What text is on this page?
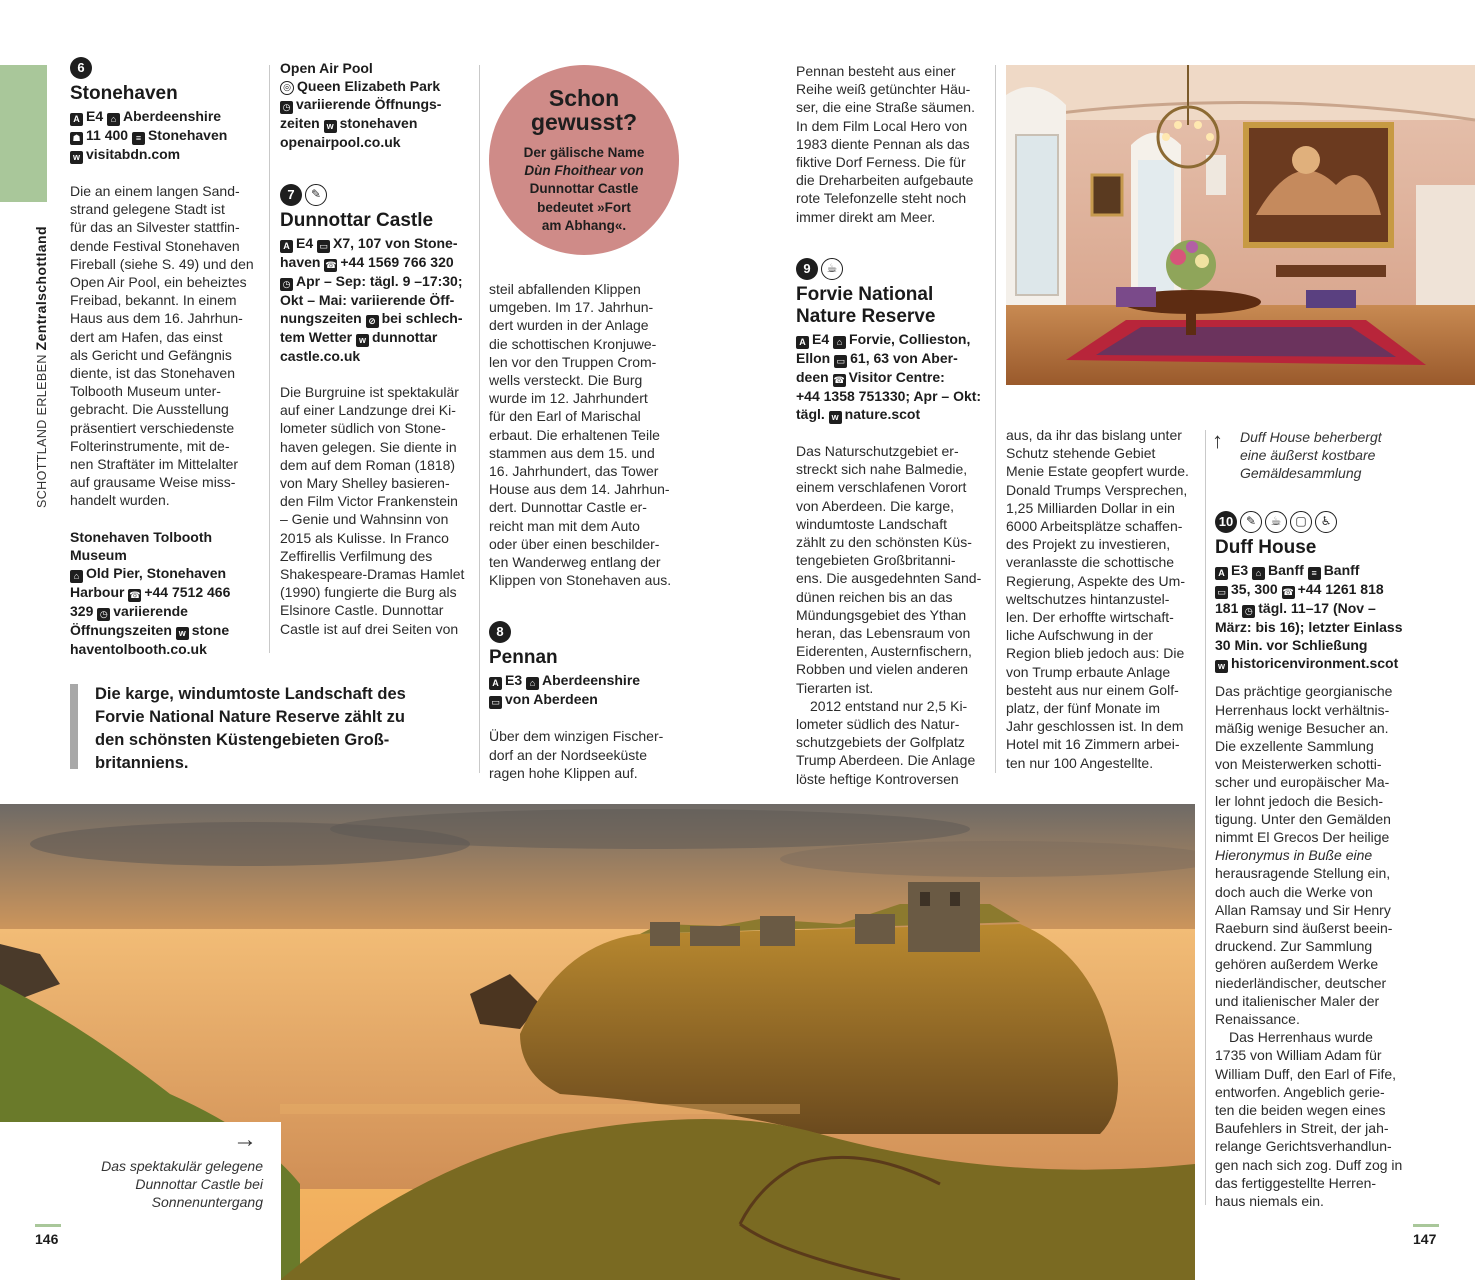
SCHOTTLAND ERLEBEN Zentralschottland
6
Stonehaven
A E4 ⌂ Aberdeenshire
☗ 11 400 ≡ Stonehaven
w visitabdn.com

Die an einem langen Sand-

strand gelegene Stadt ist

für das an Silvester stattfin-

dende Festival Stonehaven

Fireball (siehe S. 49) und den

Open Air Pool, ein beheiztes

Freibad, bekannt. In einem

Haus aus dem 16. Jahrhun-

dert am Hafen, das einst

als Gericht und Gefängnis

diente, ist das Stonehaven

Tolbooth Museum unter-

gebracht. Die Ausstellung

präsentiert verschiedenste

Folterinstrumente, mit de-

nen Straftäter im Mittelalter

auf grausame Weise miss-

handelt wurden.

Stonehaven Tolbooth

Museum

⌂ Old Pier, Stonehaven
Harbour ☎ +44 7512 466
329 ◷ variierende
Öffnungszeiten w stone
haventolbooth.co.uk

Open Air Pool

◎ Queen Elizabeth Park
◷ variierende Öffnungs-
zeiten w stonehaven
openairpool.co.uk
7 ✎
Dunnottar Castle
A E4 ▭ X7, 107 von Stone-
haven ☎ +44 1569 766 320
◷ Apr – Sep: tägl. 9 –17:30;
Okt – Mai: variierende Öff-
nungszeiten ⊘ bei schlech-
tem Wetter w dunnottar
castle.co.uk

Die Burgruine ist spektakulär

auf einer Landzunge drei Ki-

lometer südlich von Stone-

haven gelegen. Sie diente in

dem auf dem Roman (1818)

von Mary Shelley basieren-

den Film Victor Frankenstein

– Genie und Wahnsinn von

2015 als Kulisse. In Franco

Zeffirellis Verfilmung des

Shakespeare-Dramas Hamlet

(1990) fungierte die Burg als

Elsinore Castle. Dunnottar

Castle ist auf drei Seiten von

Schon
gewusst?
Der gälische Name
Dùn Fhoithear von
Dunnottar Castle
bedeutet »Fort
am Abhang«.

steil abfallenden Klippen

umgeben. Im 17. Jahrhun-

dert wurden in der Anlage

die schottischen Kronjuwe-

len vor den Truppen Crom-

wells versteckt. Die Burg

wurde im 12. Jahrhundert

für den Earl of Marischal

erbaut. Die erhaltenen Teile

stammen aus dem 15. und

16. Jahrhundert, das Tower

House aus dem 14. Jahrhun-

dert. Dunnottar Castle er-

reicht man mit dem Auto

oder über einen beschilder-

ten Wanderweg entlang der

Klippen von Stonehaven aus.

8
Pennan
A E3 ⌂ Aberdeenshire
▭ von Aberdeen

Über dem winzigen Fischer-

dorf an der Nordseeküste

ragen hohe Klippen auf.

Die karge, windumtoste Landschaft des Forvie National Nature Reserve zählt zu den schönsten Küstengebieten Groß-britanniens.

Pennan besteht aus einer

Reihe weiß getünchter Häu-

ser, die eine Straße säumen.

In dem Film Local Hero von

1983 diente Pennan als das

fiktive Dorf Ferness. Die für

die Dreharbeiten aufgebaute

rote Telefonzelle steht noch

immer direkt am Meer.

9 ☕
Forvie National
Nature Reserve
A E4 ⌂ Forvie, Collieston,
Ellon ▭ 61, 63 von Aber-
deen ☎ Visitor Centre:
+44 1358 751330; Apr – Okt:
tägl. w nature.scot

Das Naturschutzgebiet er-

streckt sich nahe Balmedie,

einem verschlafenen Vorort

von Aberdeen. Die karge,

windumtoste Landschaft

zählt zu den schönsten Küs-

tengebieten Großbritanni-

ens. Die ausgedehnten Sand-

dünen reichen bis an das

Mündungsgebiet des Ythan

heran, das Lebensraum von

Eiderenten, Austernfischern,

Robben und vielen anderen

Tierarten ist.

2012 entstand nur 2,5 Ki-

lometer südlich des Natur-

schutzgebiets der Golfplatz

Trump Aberdeen. Die Anlage

löste heftige Kontroversen

aus, da ihr das bislang unter

Schutz stehende Gebiet

Menie Estate geopfert wurde.

Donald Trumps Versprechen,

1,25 Milliarden Dollar in ein

6000 Arbeitsplätze schaffen-

des Projekt zu investieren,

veranlasste die schottische

Regierung, Aspekte des Um-

weltschutzes hintanzustel-

len. Der erhoffte wirtschaft-

liche Aufschwung in der

Region blieb jedoch aus: Die

von Trump erbaute Anlage

besteht aus nur einem Golf-

platz, der fünf Monate im

Jahr geschlossen ist. In dem

Hotel mit 16 Zimmern arbei-

ten nur 100 Angestellte.

Duff House beherbergt
eine äußerst kostbare
Gemäldesammlung
↑
10 ✎ ☕ ▢ ♿
Duff House
A E3 ⌂ Banff ≡ Banff
▭ 35, 300 ☎ +44 1261 818
181 ◷ tägl. 11–17 (Nov –
März: bis 16); letzter Einlass
30 Min. vor Schließung
w historicenvironment.scot

Das prächtige georgianische

Herrenhaus lockt verhältnis-

mäßig wenige Besucher an.

Die exzellente Sammlung

von Meisterwerken schotti-

scher und europäischer Ma-

ler lohnt jedoch die Besich-

tigung. Unter den Gemälden

nimmt El Grecos Der heilige

Hieronymus in Buße eine

herausragende Stellung ein,

doch auch die Werke von

Allan Ramsay und Sir Henry

Raeburn sind äußerst beein-

druckend. Zur Sammlung

gehören außerdem Werke

niederländischer, deutscher

und italienischer Maler der

Renaissance.

Das Herrenhaus wurde

1735 von William Adam für

William Duff, den Earl of Fife,

entworfen. Angeblich gerie-

ten die beiden wegen eines

Baufehlers in Streit, der jah-

relange Gerichtsverhandlun-

gen nach sich zog. Duff zog in

das fertiggestellte Herren-

haus niemals ein.

→
Das spektakulär gelegene
Dunnottar Castle bei
Sonnenuntergang
146	147
